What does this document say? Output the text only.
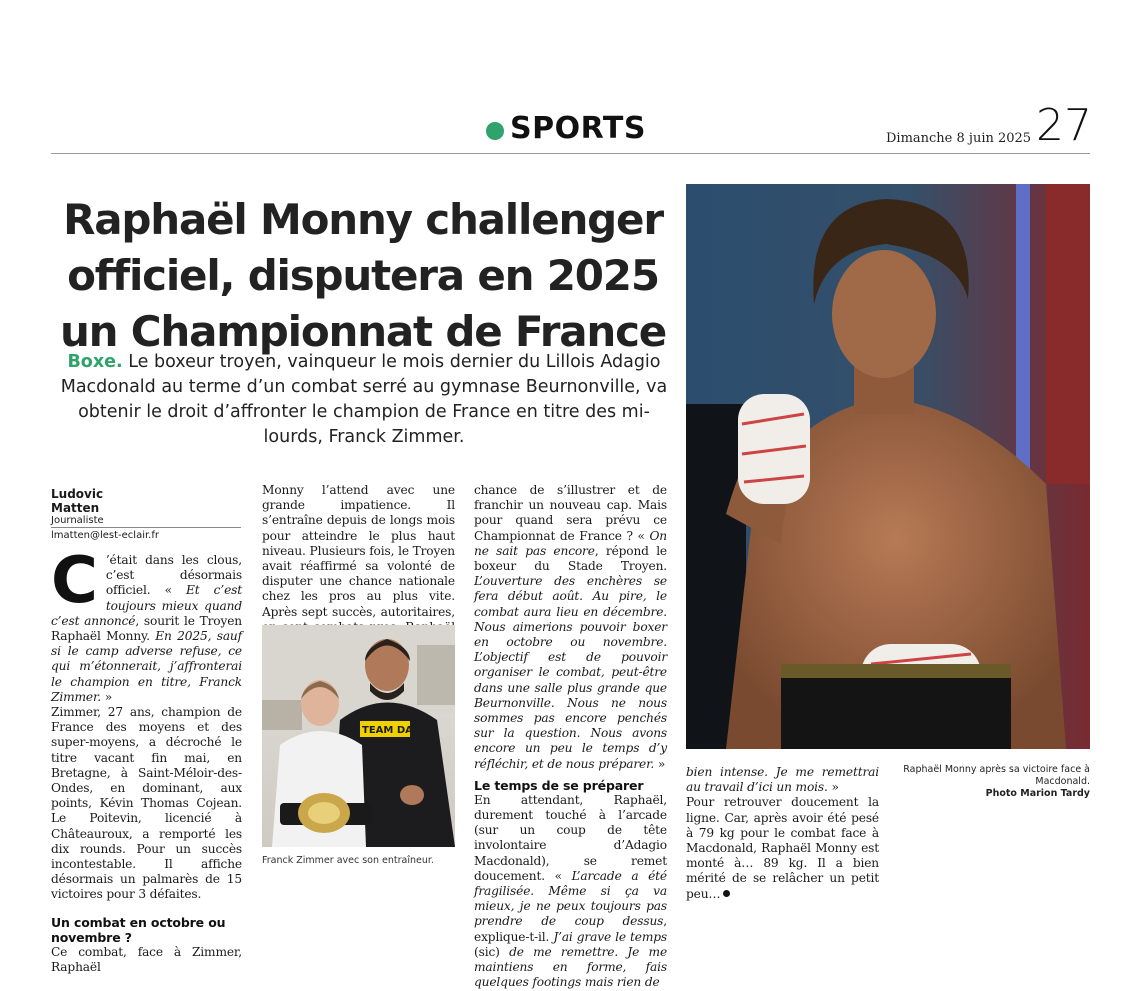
SPORTS	Dimanche 8 juin 2025 27
Raphaël Monny challenger
officiel, disputera en 2025
un Championnat de France
Boxe. Le boxeur troyen, vainqueur le mois dernier du Lillois Adagio Macdonald au terme d’un combat serré au gymnase Beurnonville, va obtenir le droit d’affronter le champion de France en titre des mi-lourds, Franck Zimmer.
Ludovic
Matten
Journaliste
lmatten@lest-eclair.fr

C ’était dans les clous, c’est désormais officiel. « Et c’est toujours mieux quand c’est annoncé, sourit le Troyen Raphaël Monny. En 2025, sauf si le camp adverse refuse, ce qui m’étonnerait, j’affronterai le champion en titre, Franck Zimmer. »

Zimmer, 27 ans, champion de France des moyens et des super-moyens, a décroché le titre vacant fin mai, en Bretagne, à Saint-Méloir-des-Ondes, en dominant, aux points, Kévin Thomas Cojean. Le Poitevin, licencié à Châteauroux, a remporté les dix rounds. Pour un succès incontestable. Il affiche désormais un palmarès de 15 victoires pour 3 défaites.

Un combat en octobre ou novembre ?

Ce combat, face à Zimmer, Raphaël

Monny l’attend avec une grande impatience. Il s’entraîne depuis de longs mois pour atteindre le plus haut niveau. Plusieurs fois, le Troyen avait réaffirmé sa volonté de disputer une chance nationale chez les pros au plus vite. Après sept succès, autoritaires,

TEAM DAHI
Franck Zimmer avec son entraîneur.

chance de s’illustrer et de franchir un nouveau cap. Mais pour quand sera prévu ce Championnat de France ? « On ne sait pas encore, répond le boxeur du Stade Troyen. L’ouverture des enchères se fera début août. Au pire, le combat aura lieu en décembre. Nous aimerions pouvoir boxer en octobre ou novembre. L’objectif est de pouvoir organiser le combat, peut-être dans une salle plus grande que Beurnonville. Nous ne nous sommes pas encore penchés sur la question. Nous avons encore un peu le temps d’y réfléchir, et de nous préparer. »

Le temps de se préparer

En attendant, Raphaël, durement touché à l’arcade (sur un coup de tête involontaire d’Adagio Macdonald), se remet doucement. « L’arcade a été fragilisée. Même si ça va mieux, je ne peux toujours pas prendre de coup dessus, explique-t-il. J’ai grave le temps (sic) de me remettre. Je me maintiens en forme, fais quelques footings mais rien de

bien intense. Je me remettrai au travail d’ici un mois. »

Pour retrouver doucement la ligne. Car, après avoir été pesé à 79 kg pour le combat face à Macdonald, Raphaël Monny est monté à… 89 kg. Il a bien mérité de se relâcher un petit peu…

Raphaël Monny après sa victoire face à Macdonald.
Photo Marion Tardy
